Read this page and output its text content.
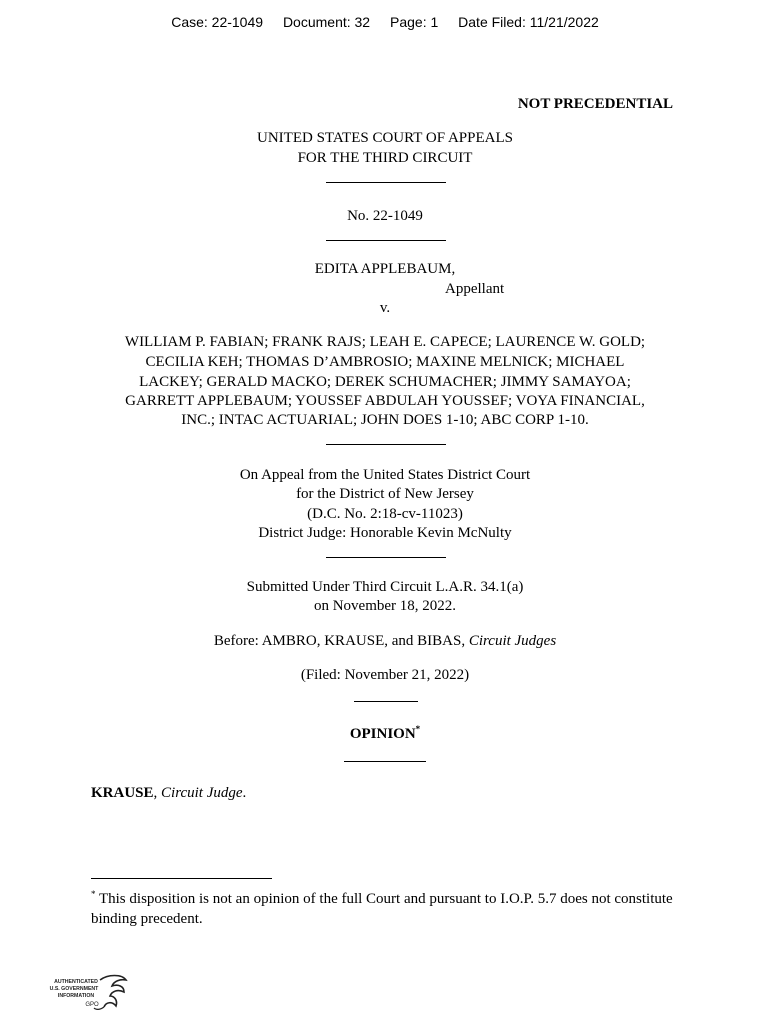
Case: 22-1049 Document: 32 Page: 1 Date Filed: 11/21/2022
NOT PRECEDENTIAL
UNITED STATES COURT OF APPEALS
FOR THE THIRD CIRCUIT
No. 22-1049
EDITA APPLEBAUM,
Appellant
v.
WILLIAM P. FABIAN; FRANK RAJS; LEAH E. CAPECE; LAURENCE W. GOLD;
CECILIA KEH; THOMAS D’AMBROSIO; MAXINE MELNICK; MICHAEL
LACKEY; GERALD MACKO; DEREK SCHUMACHER; JIMMY SAMAYOA;
GARRETT APPLEBAUM; YOUSSEF ABDULAH YOUSSEF; VOYA FINANCIAL,
INC.; INTAC ACTUARIAL; JOHN DOES 1-10; ABC CORP 1-10.
On Appeal from the United States District Court
for the District of New Jersey
(D.C. No. 2:18-cv-11023)
District Judge: Honorable Kevin McNulty
Submitted Under Third Circuit L.A.R. 34.1(a)
on November 18, 2022.
Before: AMBRO, KRAUSE, and BIBAS, Circuit Judges
(Filed: November 21, 2022)
OPINION*
KRAUSE, Circuit Judge.
* This disposition is not an opinion of the full Court and pursuant to I.O.P. 5.7 does not constitute binding precedent.
AUTHENTICATED
U.S. GOVERNMENT
INFORMATION
GPO
